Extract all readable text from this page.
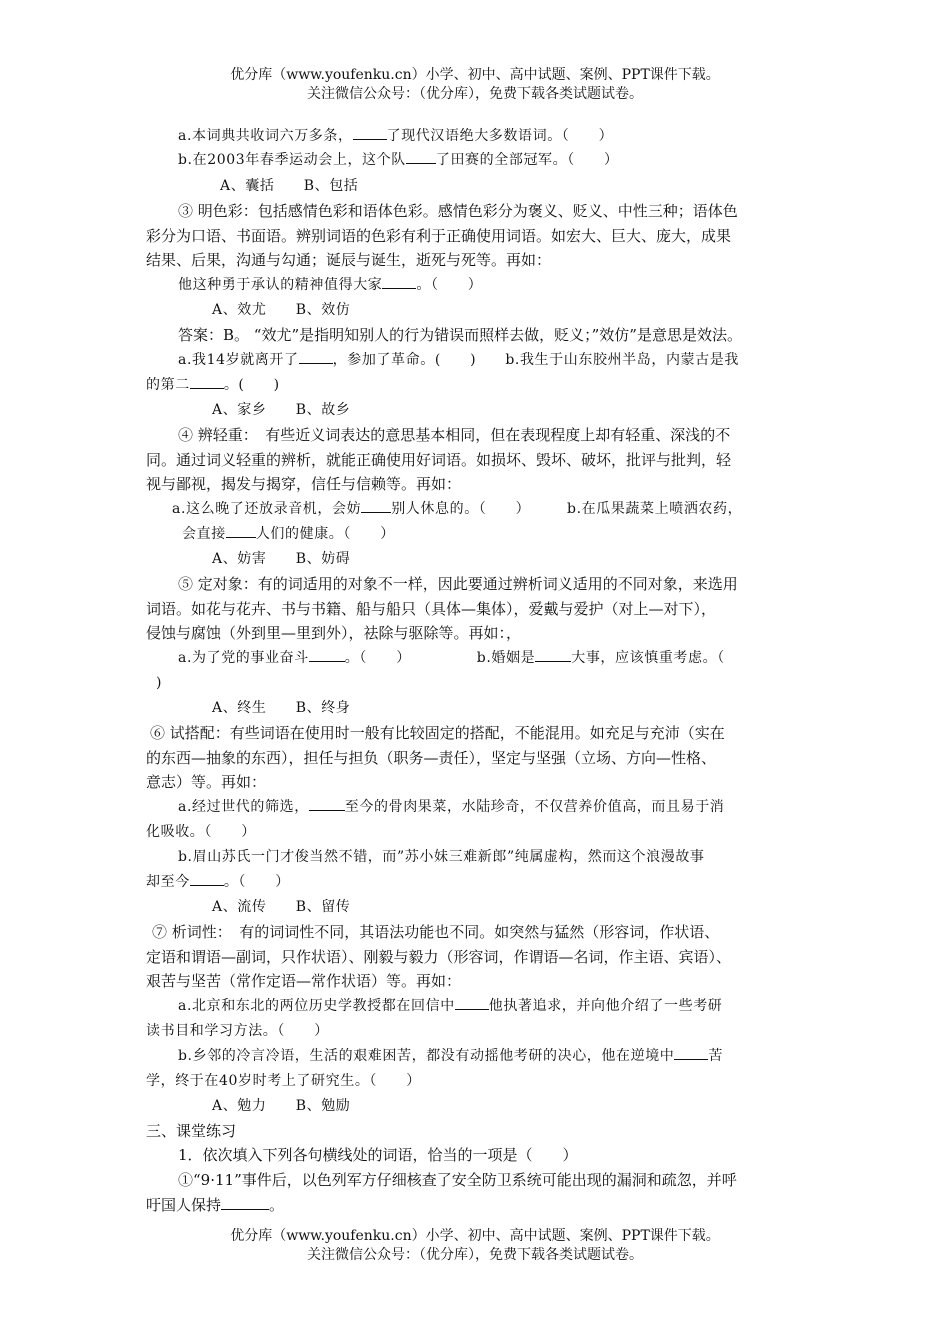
优分库（www.youfenku.cn）小学、初中、高中试题、案例、PPT课件下载。
关注微信公众号：（优分库），免费下载各类试题试卷。
a.本词典共收词六万多条， 了现代汉语绝大多数语词。（　　）
b.在2003年春季运动会上，这个队 了田赛的全部冠军。（　　）
A、囊括　　B、包括
③ 明色彩：包括感情色彩和语体色彩。感情色彩分为褒义、贬义、中性三种；语体色
彩分为口语、书面语。辨别词语的色彩有利于正确使用词语。如宏大、巨大、庞大，成果
结果、后果，沟通与勾通；诞辰与诞生，逝死与死等。再如：
他这种勇于承认的精神值得大家 。（　　）
A、效尤　　B、效仿
答案：B。 “效尤”是指明知别人的行为错误而照样去做，贬义；”效仿”是意思是效法。
a.我14岁就离开了 ，参加了革命。(　　)　　b.我生于山东胶州半岛，内蒙古是我
的第二 。(　　)
A、家乡　　B、故乡
④ 辨轻重：　有些近义词表达的意思基本相同，但在表现程度上却有轻重、深浅的不
同。通过词义轻重的辨析，就能正确使用好词语。如损坏、毁坏、破坏，批评与批判，轻
视与鄙视，揭发与揭穿，信任与信赖等。再如：
a.这么晚了还放录音机，会妨 别人休息的。（　　）　　　b.在瓜果蔬菜上喷洒农药，
会直接 人们的健康。（　　）
A、妨害　　B、妨碍
⑤ 定对象：有的词适用的对象不一样，因此要通过辨析词义适用的不同对象，来选用
词语。如花与花卉、书与书籍、船与船只（具体—集体），爱戴与爱护（对上—对下），
侵蚀与腐蚀（外到里—里到外），祛除与驱除等。再如：，
a.为了党的事业奋斗	。（　　）　　　　　b.婚姻是	大事，应该慎重考虑。（
)
A、终生　　B、终身
⑥ 试搭配：有些词语在使用时一般有比较固定的搭配，不能混用。如充足与充沛（实在
的东西—抽象的东西），担任与担负（职务—责任），坚定与坚强（立场、方向—性格、
意志）等。再如：
a.经过世代的筛选，	至今的骨肉果菜，水陆珍奇，不仅营养价值高，而且易于消
化吸收。（　　）
b.眉山苏氏一门才俊当然不错，而”苏小妹三难新郎”纯属虚构，然而这个浪漫故事
却至今 。（　　）
A、流传　　B、留传
⑦ 析词性：　有的词词性不同，其语法功能也不同。如突然与猛然（形容词，作状语、
定语和谓语—副词，只作状语）、刚毅与毅力（形容词，作谓语—名词，作主语、宾语）、
艰苦与坚苦（常作定语—常作状语）等。再如：
a.北京和东北的两位历史学教授都在回信中 他执著追求，并向他介绍了一些考研
读书目和学习方法。（　　）
b.乡邻的冷言冷语，生活的艰难困苦，都没有动摇他考研的决心，他在逆境中 苦
学，终于在40岁时考上了研究生。（　　）
A、勉力　　B、勉励
三、课堂练习
1．依次填入下列各句横线处的词语，恰当的一项是（　　）
①“9·11”事件后，以色列军方仔细核查了安全防卫系统可能出现的漏洞和疏忽，并呼
吁国人保持	。
优分库（www.youfenku.cn）小学、初中、高中试题、案例、PPT课件下载。
关注微信公众号：（优分库），免费下载各类试题试卷。
